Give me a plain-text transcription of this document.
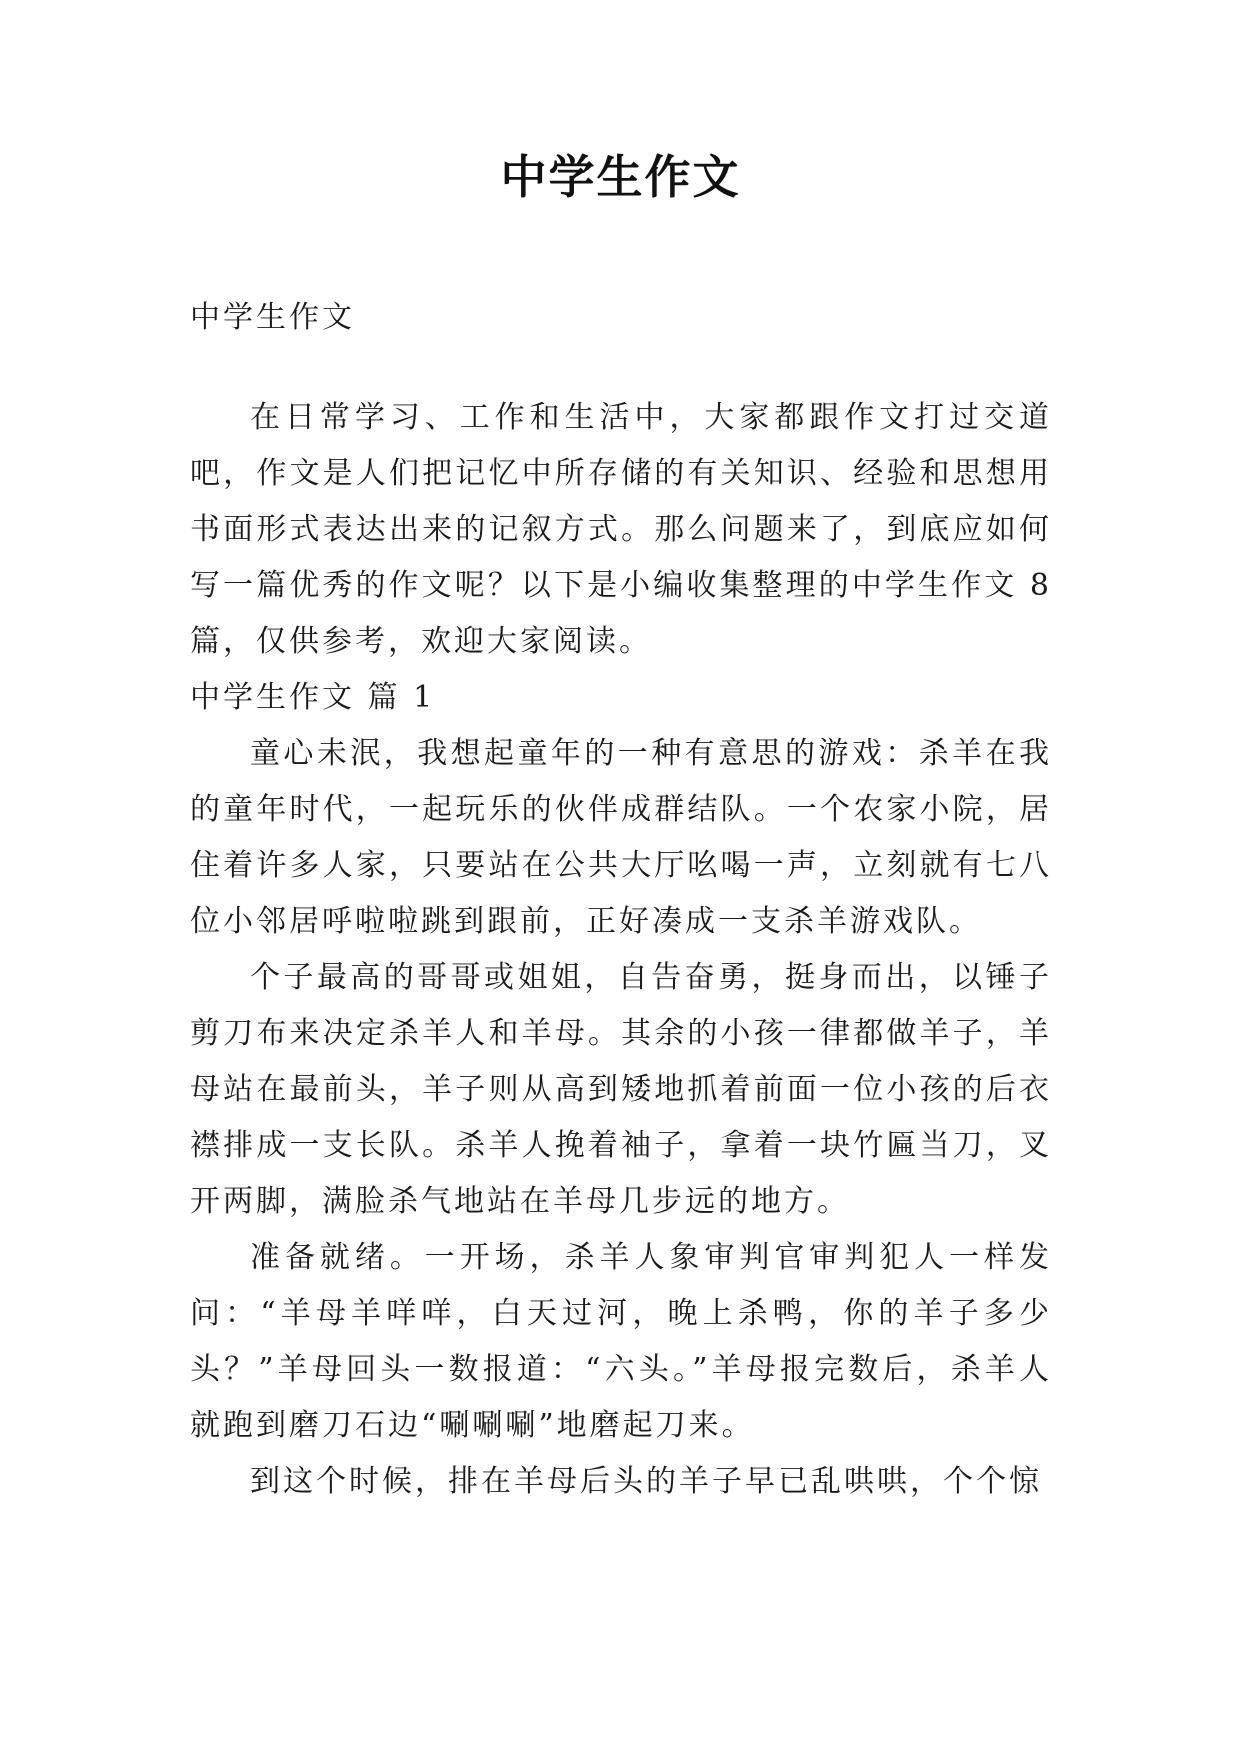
中学生作文

中学生作文

在日常学习、工作和生活中，大家都跟作文打过交道吧，作文是人们把记忆中所存储的有关知识、经验和思想用书面形式表达出来的记叙方式。那么问题来了，到底应如何写一篇优秀的作文呢？以下是小编收集整理的中学生作文 8 篇，仅供参考，欢迎大家阅读。

中学生作文 篇 1

童心未泯，我想起童年的一种有意思的游戏：杀羊在我的童年时代，一起玩乐的伙伴成群结队。一个农家小院，居住着许多人家，只要站在公共大厅吆喝一声，立刻就有七八位小邻居呼啦啦跳到跟前，正好凑成一支杀羊游戏队。

个子最高的哥哥或姐姐，自告奋勇，挺身而出，以锤子剪刀布来决定杀羊人和羊母。其余的小孩一律都做羊子，羊母站在最前头，羊子则从高到矮地抓着前面一位小孩的后衣襟排成一支长队。杀羊人挽着袖子，拿着一块竹匾当刀，叉开两脚，满脸杀气地站在羊母几步远的地方。

准备就绪。一开场，杀羊人象审判官审判犯人一样发问：“羊母羊咩咩，白天过河，晚上杀鸭，你的羊子多少头？”羊母回头一数报道：“六头。”羊母报完数后，杀羊人就跑到磨刀石边“唰唰唰”地磨起刀来。

到这个时候，排在羊母后头的羊子早已乱哄哄，个个惊
